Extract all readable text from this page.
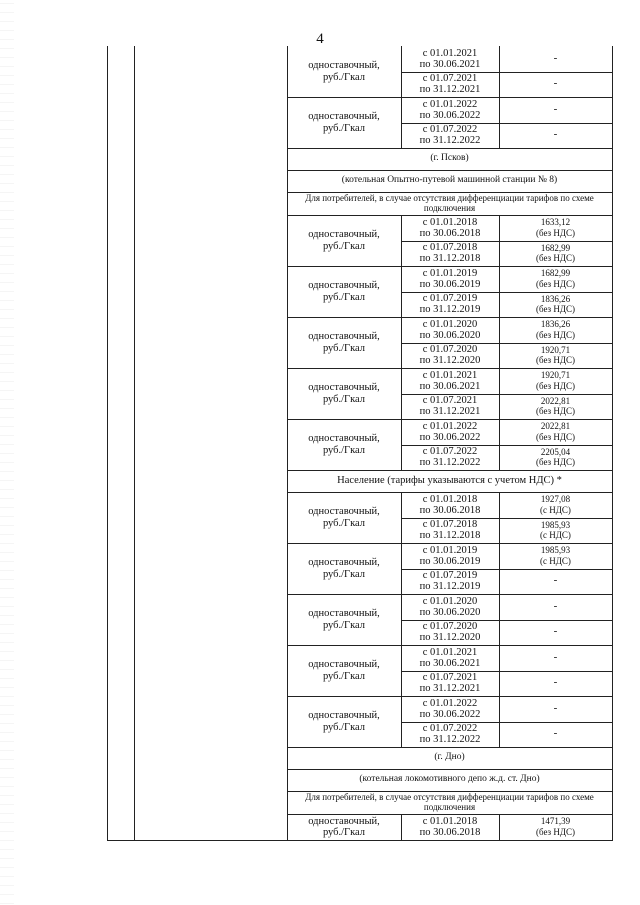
4
одноставочный,
руб./Гкал
с 01.01.2021
по 30.06.2021
-
с 01.07.2021
по 31.12.2021
-
одноставочный,
руб./Гкал
с 01.01.2022
по 30.06.2022
-
с 01.07.2022
по 31.12.2022
-
(г. Псков)
(котельная Опытно-путевой машинной станции № 8)
Для потребителей, в случае отсутствия дифференциации тарифов по схеме подключения
одноставочный,
руб./Гкал
с 01.01.2018
по 30.06.2018
1633,12
(без НДС)
с 01.07.2018
по 31.12.2018
1682,99
(без НДС)
одноставочный,
руб./Гкал
с 01.01.2019
по 30.06.2019
1682,99
(без НДС)
с 01.07.2019
по 31.12.2019
1836,26
(без НДС)
одноставочный,
руб./Гкал
с 01.01.2020
по 30.06.2020
1836,26
(без НДС)
с 01.07.2020
по 31.12.2020
1920,71
(без НДС)
одноставочный,
руб./Гкал
с 01.01.2021
по 30.06.2021
1920,71
(без НДС)
с 01.07.2021
по 31.12.2021
2022,81
(без НДС)
одноставочный,
руб./Гкал
с 01.01.2022
по 30.06.2022
2022,81
(без НДС)
с 01.07.2022
по 31.12.2022
2205,04
(без НДС)
Население (тарифы указываются с учетом НДС) *
одноставочный,
руб./Гкал
с 01.01.2018
по 30.06.2018
1927,08
(с НДС)
с 01.07.2018
по 31.12.2018
1985,93
(с НДС)
одноставочный,
руб./Гкал
с 01.01.2019
по 30.06.2019
1985,93
(с НДС)
с 01.07.2019
по 31.12.2019
-
одноставочный,
руб./Гкал
с 01.01.2020
по 30.06.2020
-
с 01.07.2020
по 31.12.2020
-
одноставочный,
руб./Гкал
с 01.01.2021
по 30.06.2021
-
с 01.07.2021
по 31.12.2021
-
одноставочный,
руб./Гкал
с 01.01.2022
по 30.06.2022
-
с 01.07.2022
по 31.12.2022
-
(г. Дно)
(котельная локомотивного депо ж.д. ст. Дно)
Для потребителей, в случае отсутствия дифференциации тарифов по схеме подключения
одноставочный,
руб./Гкал
с 01.01.2018
по 30.06.2018
1471,39
(без НДС)
